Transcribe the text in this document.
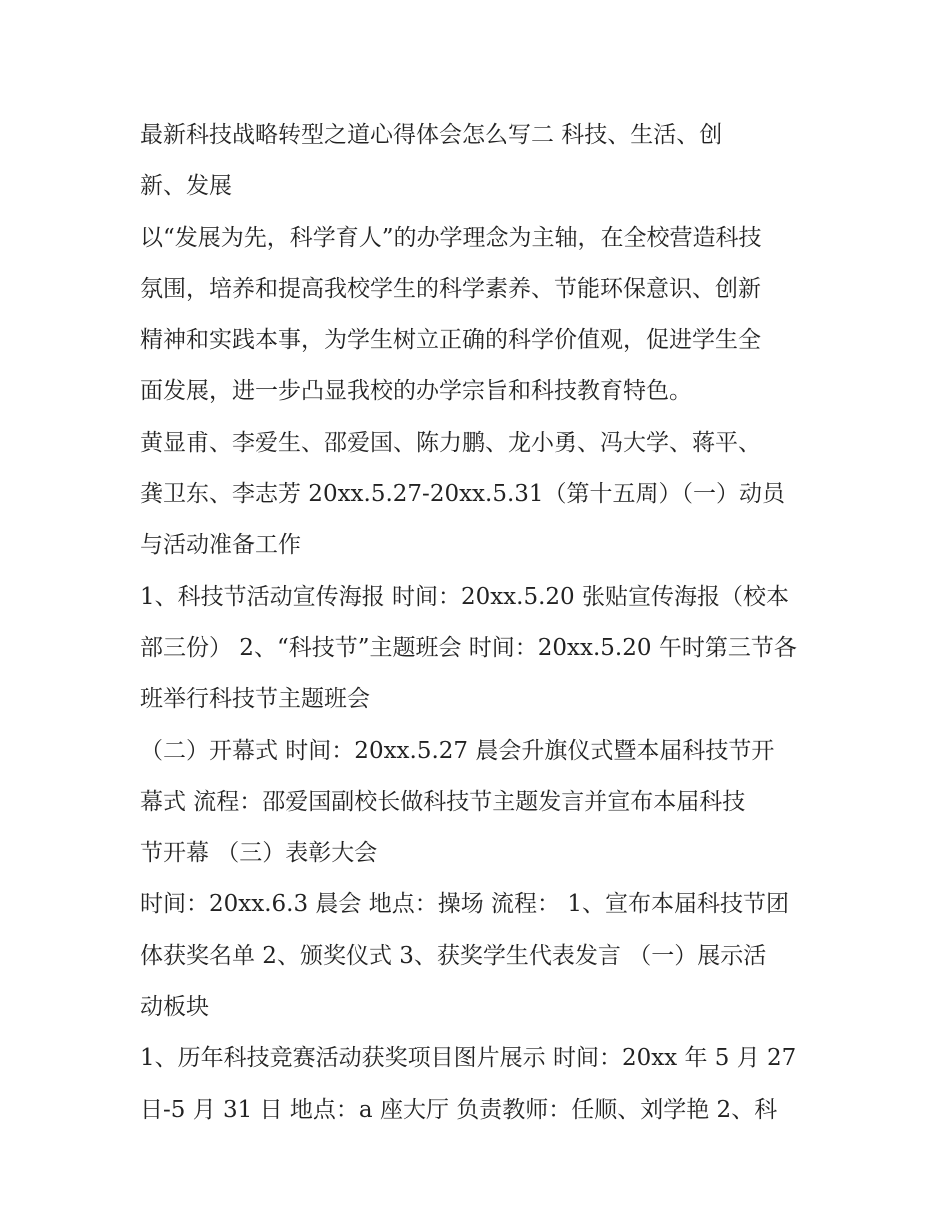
最新科技战略转型之道心得体会怎么写二 科技、生活、创
新、发展
以“发展为先，科学育人”的办学理念为主轴，在全校营造科技
氛围，培养和提高我校学生的科学素养、节能环保意识、创新
精神和实践本事，为学生树立正确的科学价值观，促进学生全
面发展，进一步凸显我校的办学宗旨和科技教育特色。
黄显甫、李爱生、邵爱国、陈力鹏、龙小勇、冯大学、蒋平、
龚卫东、李志芳 20xx.5.27-20xx.5.31（第十五周）（一）动员
与活动准备工作
1、科技节活动宣传海报 时间：20xx.5.20 张贴宣传海报（校本
部三份） 2、“科技节”主题班会 时间：20xx.5.20 午时第三节各
班举行科技节主题班会
（二）开幕式 时间：20xx.5.27 晨会升旗仪式暨本届科技节开
幕式 流程：邵爱国副校长做科技节主题发言并宣布本届科技
节开幕 （三）表彰大会
时间：20xx.6.3 晨会 地点：操场 流程： 1、宣布本届科技节团
体获奖名单 2、颁奖仪式 3、获奖学生代表发言 （一）展示活
动板块
1、历年科技竞赛活动获奖项目图片展示 时间：20xx 年 5 月 27
日-5 月 31 日 地点：a 座大厅 负责教师：任顺、刘学艳 2、科
